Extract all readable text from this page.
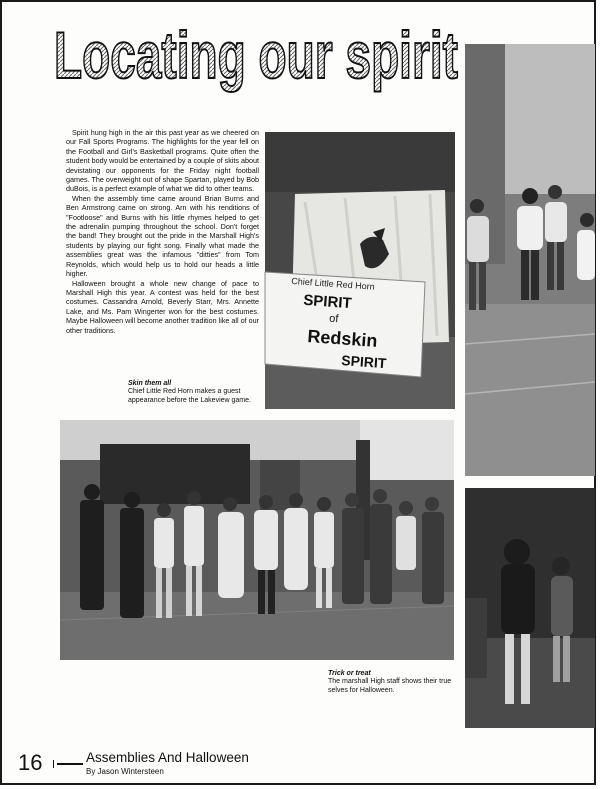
Locating our spirit

Spirit hung high in the air this past year as we cheered on our Fall Sports Programs. The highlights for the year fell on the Football and Girl's Basketball programs. Quite often the student body would be entertained by a couple of skits about devistating our opponents for the Friday night football games. The overweight out of shape Spartan, played by Bob duBois, is a perfect example of what we did to other teams.

When the assembly time came around Brian Burns and Ben Armstrong came on strong. Arn with his renditions of "Footloose" and Burns with his little rhymes helped to get the adrenalin pumping throughout the school. Don't forget the band! They brought out the pride in the Marshall High's students by playing our fight song. Finally what made the assemblies great was the infamous "ditties" from Tom Reynolds, which would help us to hold our heads a little higher.

Halloween brought a whole new change of pace to Marshall High this year. A contest was held for the best costumes. Cassandra Arnold, Beverly Starr, Mrs. Annette Lake, and Ms. Pam Wingerter won for the best costumes. Maybe Halloween will become another tradition like all of our other traditions.

Chief Little Red Horn
SPIRIT
of
Redskin
SPIRIT
Skin them all
Chief Little Red Horn makes a guest appearance before the Lakeview game.
Trick or treat
The marshall High staff shows their true selves for Halloween.
16	Assemblies And Halloween
By Jason Wintersteen
